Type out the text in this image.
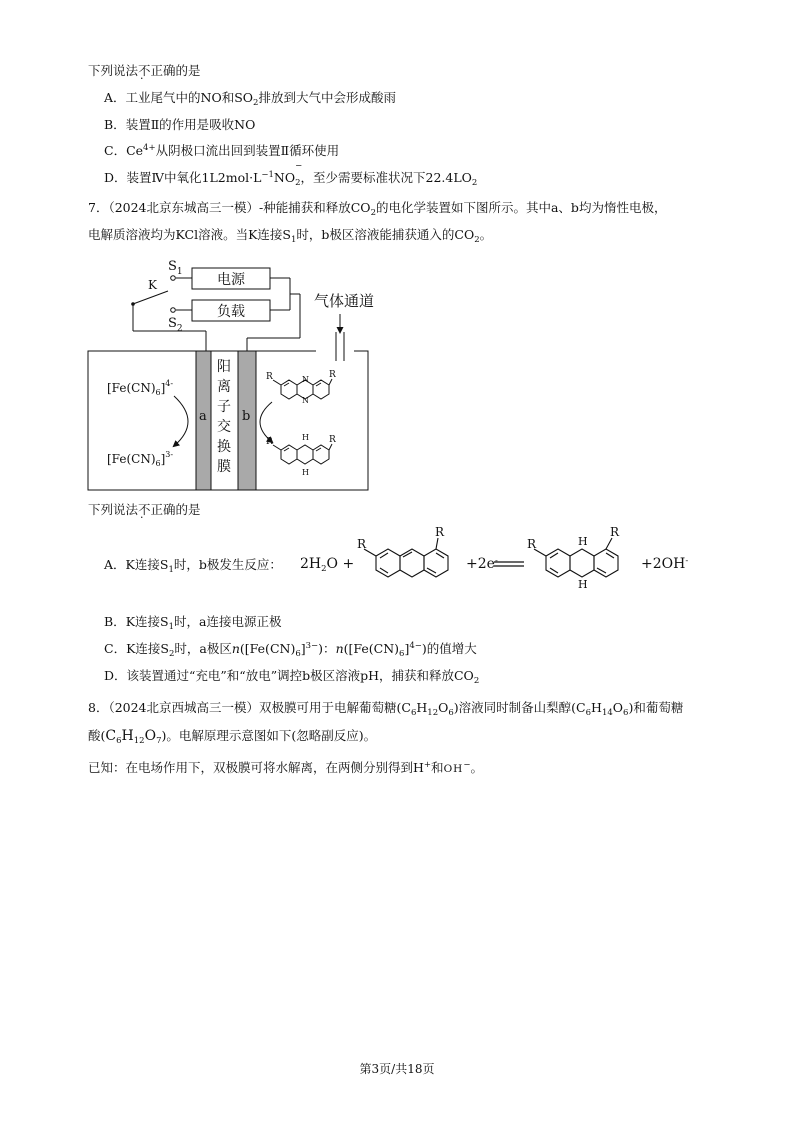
下列说法不正确的是
A．工业尾气中的NO和$SO_2$排放到大气中会形成酸雨
B．装置Ⅱ的作用是吸收NO
C．$Ce^{4+}$从阴极口流出回到装置Ⅱ循环使用
D．装置Ⅳ中氧化$1L2mol\cdot L^{-1}NO$
−
$_2$，至少需要标准状况下$22.4LO_2$
7．（2024北京东城高三一模）-种能捕获和释放$CO_2$的电化学装置如下图所示。其中a、b均为惰性电极，
电解质溶液均为KCl溶液。当K连接$S_1$时，b极区溶液能捕获通入的$CO_2$。
$S_1$
$S_2$
K	电源
负载
气体通道
a	b
阳
离
子
交
换
膜
$[Fe(CN)_6]^{4-}$
$[Fe(CN)_6]^{3-}$
R	R
N
N
R	R
H
H
下列说法不正确的是
A．K连接$S_1$时，b极发生反应： $2H_2O$ +
R
R
+2e-
R
R
H
H
+2OH-
B．K连接$S_1$时，a连接电源正极
C．K连接$S_2$时，a极区$n([Fe(CN)_6]^{3-})$：$n([Fe(CN)_6]^{4-})$的值增大
D．该装置通过“充电”和“放电”调控b极区溶液pH，捕获和释放$CO_2$
8．（2024北京西城高三一模）双极膜可用于电解葡萄糖$(C_6H_{12}O_6)$溶液同时制备山梨醇$(C_6H_{14}O_6)$和葡萄糖
酸$(C_6H_{12}O_7)$。电解原理示意图如下(忽略副反应)。
已知：在电场作用下，双极膜可将水解离，在两侧分别得到H+和OH−。
第3页/共18页
